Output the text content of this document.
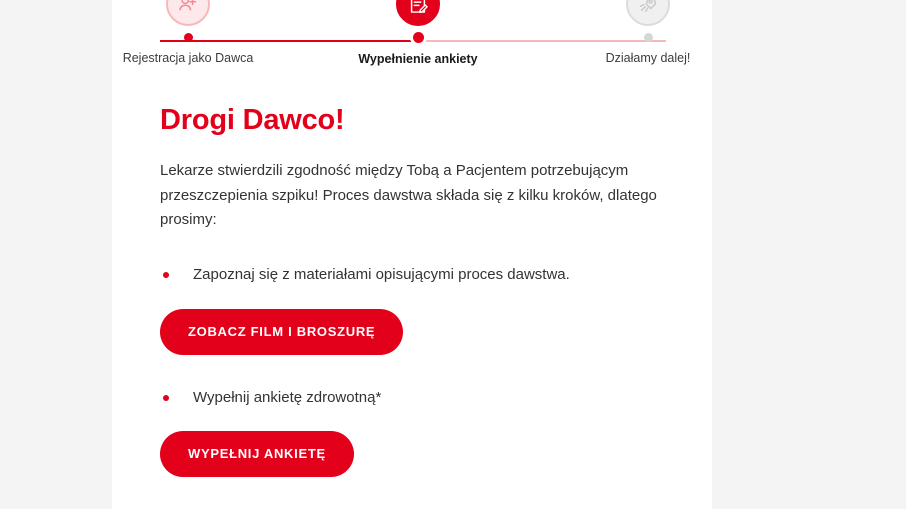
Rejestracja jako Dawca	Wypełnienie ankiety	Działamy dalej!
Drogi Dawco!

Lekarze stwierdzili zgodność między Tobą a Pacjentem potrzebującym przeszczepienia szpiku! Proces dawstwa składa się z kilku kroków, dlatego prosimy:

Zapoznaj się z materiałami opisującymi proces dawstwa.
ZOBACZ FILM I BROSZURĘ
Wypełnij ankietę zdrowotną*
WYPEŁNIJ ANKIETĘ
